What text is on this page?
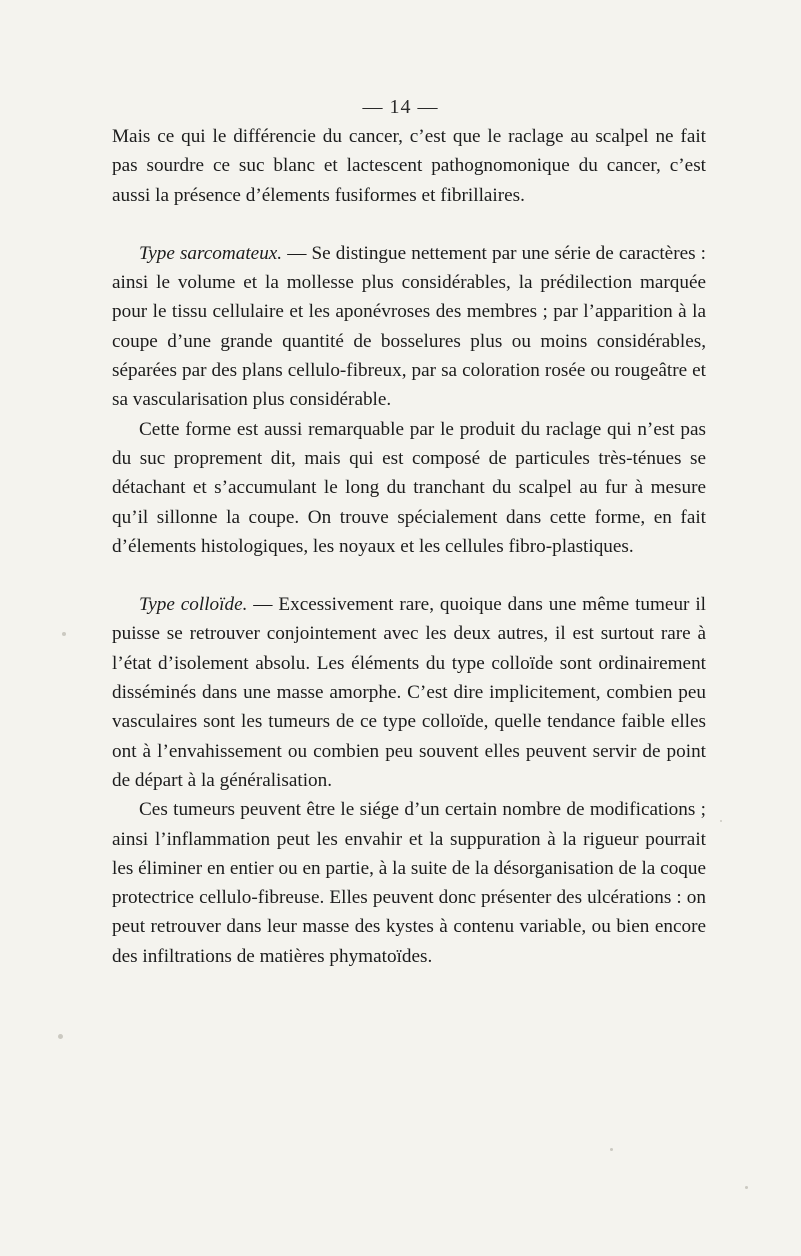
— 14 —

Mais ce qui le différencie du cancer, c’est que le raclage au scalpel ne fait pas sourdre ce suc blanc et lactescent pathognomonique du cancer, c’est aussi la présence d’élements fusiformes et fibrillaires.

Type sarcomateux. — Se distingue nettement par une série de caractères : ainsi le volume et la mollesse plus considérables, la prédilection marquée pour le tissu cellulaire et les aponévroses des membres ; par l’apparition à la coupe d’une grande quantité de bosselures plus ou moins considérables, séparées par des plans cellulo-fibreux, par sa coloration rosée ou rougeâtre et sa vascularisation plus considérable.

Cette forme est aussi remarquable par le produit du raclage qui n’est pas du suc proprement dit, mais qui est composé de particules très-ténues se détachant et s’accumulant le long du tranchant du scalpel au fur à mesure qu’il sillonne la coupe. On trouve spécialement dans cette forme, en fait d’élements histologiques, les noyaux et les cellules fibro-plastiques.

Type colloïde. — Excessivement rare, quoique dans une même tumeur il puisse se retrouver conjointement avec les deux autres, il est surtout rare à l’état d’isolement absolu. Les éléments du type colloïde sont ordinairement disséminés dans une masse amorphe. C’est dire implicitement, combien peu vasculaires sont les tumeurs de ce type colloïde, quelle tendance faible elles ont à l’envahissement ou combien peu souvent elles peuvent servir de point de départ à la généralisation.

Ces tumeurs peuvent être le siége d’un certain nombre de modifications ; ainsi l’inflammation peut les envahir et la suppuration à la rigueur pourrait les éliminer en entier ou en partie, à la suite de la désorganisation de la coque protectrice cellulo-fibreuse. Elles peuvent donc présenter des ulcérations : on peut retrouver dans leur masse des kystes à contenu variable, ou bien encore des infiltrations de matières phymatoïdes.
